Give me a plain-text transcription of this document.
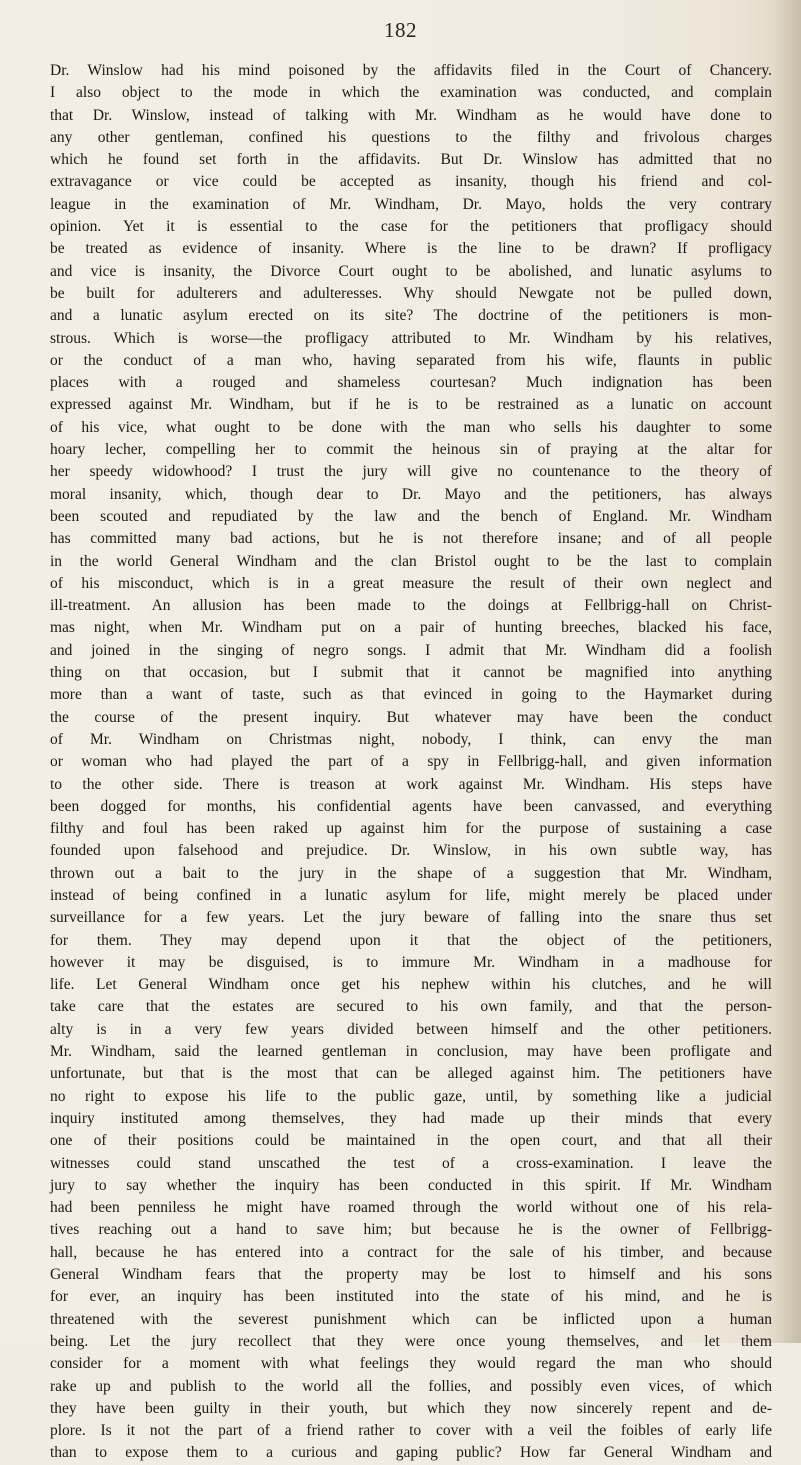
182
Dr. Winslow had his mind poisoned by the affidavits filed in the Court of Chancery.
I also object to the mode in which the examination was conducted, and complain
that Dr. Winslow, instead of talking with Mr. Windham as he would have done to
any other gentleman, confined his questions to the filthy and frivolous charges
which he found set forth in the affidavits. But Dr. Winslow has admitted that no
extravagance or vice could be accepted as insanity, though his friend and col-
league in the examination of Mr. Windham, Dr. Mayo, holds the very contrary
opinion. Yet it is essential to the case for the petitioners that profligacy should
be treated as evidence of insanity. Where is the line to be drawn? If profligacy
and vice is insanity, the Divorce Court ought to be abolished, and lunatic asylums to
be built for adulterers and adulteresses. Why should Newgate not be pulled down,
and a lunatic asylum erected on its site? The doctrine of the petitioners is mon-
strous. Which is worse—the profligacy attributed to Mr. Windham by his relatives,
or the conduct of a man who, having separated from his wife, flaunts in public
places with a rouged and shameless courtesan? Much indignation has been
expressed against Mr. Windham, but if he is to be restrained as a lunatic on account
of his vice, what ought to be done with the man who sells his daughter to some
hoary lecher, compelling her to commit the heinous sin of praying at the altar for
her speedy widowhood? I trust the jury will give no countenance to the theory of
moral insanity, which, though dear to Dr. Mayo and the petitioners, has always
been scouted and repudiated by the law and the bench of England. Mr. Windham
has committed many bad actions, but he is not therefore insane; and of all people
in the world General Windham and the clan Bristol ought to be the last to complain
of his misconduct, which is in a great measure the result of their own neglect and
ill-treatment. An allusion has been made to the doings at Fellbrigg-hall on Christ-
mas night, when Mr. Windham put on a pair of hunting breeches, blacked his face,
and joined in the singing of negro songs. I admit that Mr. Windham did a foolish
thing on that occasion, but I submit that it cannot be magnified into anything
more than a want of taste, such as that evinced in going to the Haymarket during
the course of the present inquiry. But whatever may have been the conduct
of Mr. Windham on Christmas night, nobody, I think, can envy the man
or woman who had played the part of a spy in Fellbrigg-hall, and given information
to the other side. There is treason at work against Mr. Windham. His steps have
been dogged for months, his confidential agents have been canvassed, and everything
filthy and foul has been raked up against him for the purpose of sustaining a case
founded upon falsehood and prejudice. Dr. Winslow, in his own subtle way, has
thrown out a bait to the jury in the shape of a suggestion that Mr. Windham,
instead of being confined in a lunatic asylum for life, might merely be placed under
surveillance for a few years. Let the jury beware of falling into the snare thus set
for them. They may depend upon it that the object of the petitioners,
however it may be disguised, is to immure Mr. Windham in a madhouse for
life. Let General Windham once get his nephew within his clutches, and he will
take care that the estates are secured to his own family, and that the person-
alty is in a very few years divided between himself and the other petitioners.
Mr. Windham, said the learned gentleman in conclusion, may have been profligate and
unfortunate, but that is the most that can be alleged against him. The petitioners have
no right to expose his life to the public gaze, until, by something like a judicial
inquiry instituted among themselves, they had made up their minds that every
one of their positions could be maintained in the open court, and that all their
witnesses could stand unscathed the test of a cross-examination. I leave the
jury to say whether the inquiry has been conducted in this spirit. If Mr. Windham
had been penniless he might have roamed through the world without one of his rela-
tives reaching out a hand to save him; but because he is the owner of Fellbrigg-
hall, because he has entered into a contract for the sale of his timber, and because
General Windham fears that the property may be lost to himself and his sons
for ever, an inquiry has been instituted into the state of his mind, and he is
threatened with the severest punishment which can be inflicted upon a human
being. Let the jury recollect that they were once young themselves, and let them
consider for a moment with what feelings they would regard the man who should
rake up and publish to the world all the follies, and possibly even vices, of which
they have been guilty in their youth, but which they now sincerely repent and de-
plore. Is it not the part of a friend rather to cover with a veil the foibles of early life
than to expose them to a curious and gaping public? How far General Windham and
